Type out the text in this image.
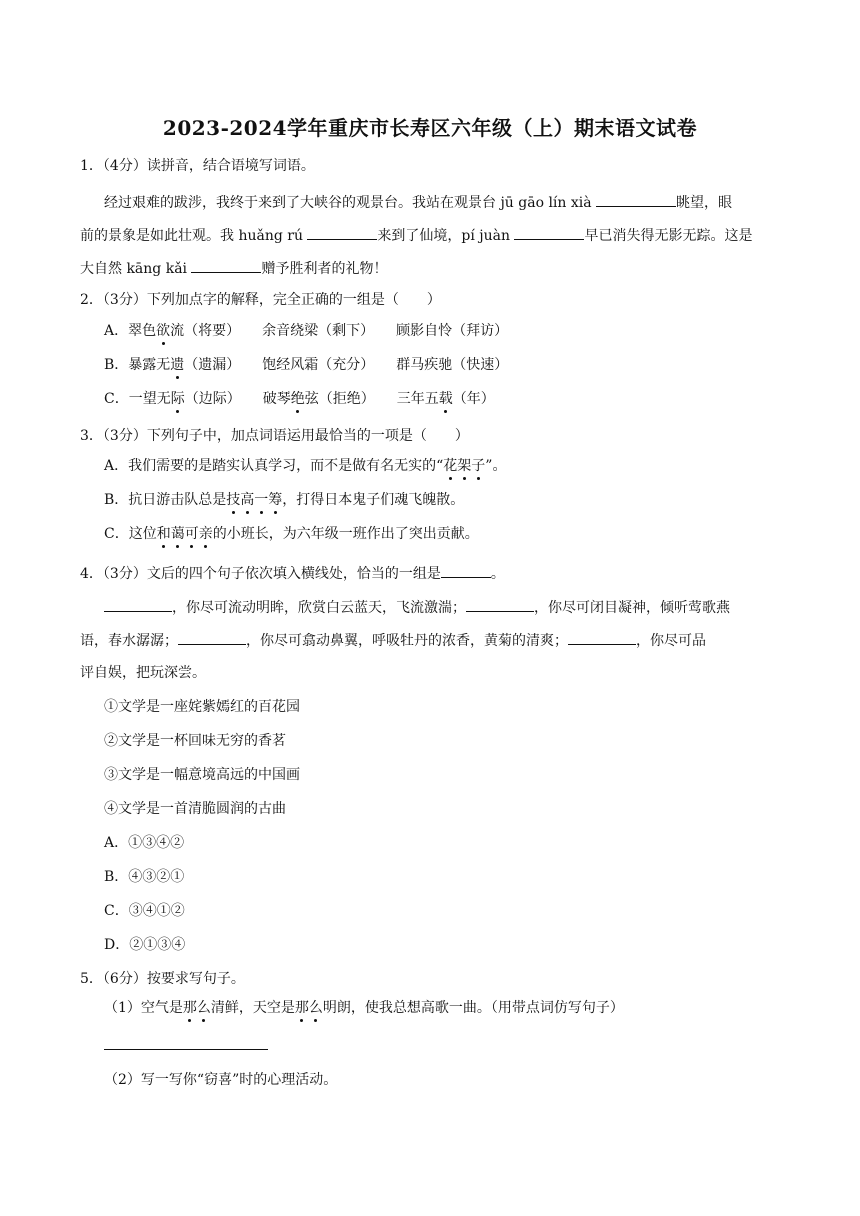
2023-2024学年重庆市长寿区六年级（上）期末语文试卷
1．（4分）读拼音，结合语境写词语。
经过艰难的跋涉，我终于来到了大峡谷的观景台。我站在观景台 jū gāo lín xià	眺望，眼
前的景象是如此壮观。我 huǎng rú	来到了仙境，pí juàn	早已消失得无影无踪。这是
大自然 kāng kǎi	赠予胜利者的礼物！
2．（3分）下列加点字的解释，完全正确的一组是（　　）
A．翠色欲流（将要） 余音绕梁（剩下） 顾影自怜（拜访）
B．暴露无遗（遗漏） 饱经风霜（充分） 群马疾驰（快速）
C．一望无际（边际） 破琴绝弦（拒绝） 三年五载（年）
3．（3分）下列句子中，加点词语运用最恰当的一项是（　　）
A．我们需要的是踏实认真学习，而不是做有名无实的“花架子”。
B．抗日游击队总是技高一筹，打得日本鬼子们魂飞魄散。
C．这位和蔼可亲的小班长，为六年级一班作出了突出贡献。
4．（3分）文后的四个句子依次填入横线处，恰当的一组是	。
，你尽可流动明眸，欣赏白云蓝天，飞流激湍；	，你尽可闭目凝神，倾听莺歌燕
语，春水潺潺；	，你尽可翕动鼻翼，呼吸牡丹的浓香，黄菊的清爽；	，你尽可品
评自娱，把玩深尝。
①文学是一座姹紫嫣红的百花园
②文学是一杯回味无穷的香茗
③文学是一幅意境高远的中国画
④文学是一首清脆圆润的古曲
A．①③④②
B．④③②①
C．③④①②
D．②①③④
5．（6分）按要求写句子。
（1）空气是那么清鲜，天空是那么明朗，使我总想高歌一曲。（用带点词仿写句子）
（2）写一写你“窃喜”时的心理活动。
